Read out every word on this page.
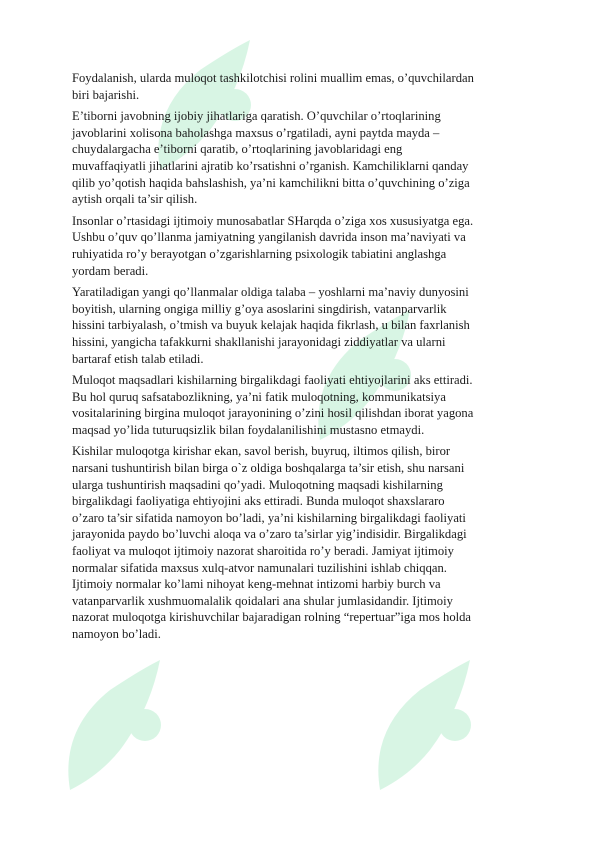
Foydalanish, ularda muloqot tashkilotchisi rolini muallim emas, o’quvchilardan
biri bajarishi.

E’tiborni javobning ijobiy jihatlariga qaratish. O’quvchilar o’rtoqlarining
javoblarini xolisona baholashga maxsus o’rgatiladi, ayni paytda mayda –
chuydalargacha e’tiborni qaratib, o’rtoqlarining javoblaridagi eng
muvaffaqiyatli jihatlarini ajratib ko’rsatishni o’rganish. Kamchiliklarni qanday
qilib yo’qotish haqida bahslashish, ya’ni kamchilikni bitta o’quvchining o’ziga
aytish orqali ta’sir qilish.

Insonlar o’rtasidagi ijtimoiy munosabatlar SHarqda o’ziga xos xususiyatga ega.
Ushbu o’quv qo’llanma jamiyatning yangilanish davrida inson ma’naviyati va
ruhiyatida ro’y berayotgan o’zgarishlarning psixologik tabiatini anglashga
yordam beradi.

Yaratiladigan yangi qo’llanmalar oldiga talaba – yoshlarni ma’naviy dunyosini
boyitish, ularning ongiga milliy g’oya asoslarini singdirish, vatanparvarlik
hissini tarbiyalash, o’tmish va buyuk kelajak haqida fikrlash, u bilan faxrlanish
hissini, yangicha tafakkurni shakllanishi jarayonidagi ziddiyatlar va ularni
bartaraf etish talab etiladi.

Muloqot maqsadlari kishilarning birgalikdagi faoliyati ehtiyojlarini aks ettiradi.
Bu hol quruq safsatabozlikning, ya’ni fatik muloqotning, kommunikatsiya
vositalarining birgina muloqot jarayonining o’zini hosil qilishdan iborat yagona
maqsad yo’lida tuturuqsizlik bilan foydalanilishini mustasno etmaydi.

Kishilar muloqotga kirishar ekan, savol berish, buyruq, iltimos qilish, biror
narsani tushuntirish bilan birga o`z oldiga boshqalarga ta’sir etish, shu narsani
ularga tushuntirish maqsadini qo’yadi. Muloqotning maqsadi kishilarning
birgalikdagi faoliyatiga ehtiyojini aks ettiradi. Bunda muloqot shaxslararo
o’zaro ta’sir sifatida namoyon bo’ladi, ya’ni kishilarning birgalikdagi faoliyati
jarayonida paydo bo’luvchi aloqa va o’zaro ta’sirlar yig’indisidir. Birgalikdagi
faoliyat va muloqot ijtimoiy nazorat sharoitida ro’y beradi. Jamiyat ijtimoiy
normalar sifatida maxsus xulq-atvor namunalari tuzilishini ishlab chiqqan.
Ijtimoiy normalar ko’lami nihoyat keng-mehnat intizomi harbiy burch va
vatanparvarlik xushmuomalalik qoidalari ana shular jumlasidandir. Ijtimoiy
nazorat muloqotga kirishuvchilar bajaradigan rolning “repertuar”iga mos holda
namoyon bo’ladi.
